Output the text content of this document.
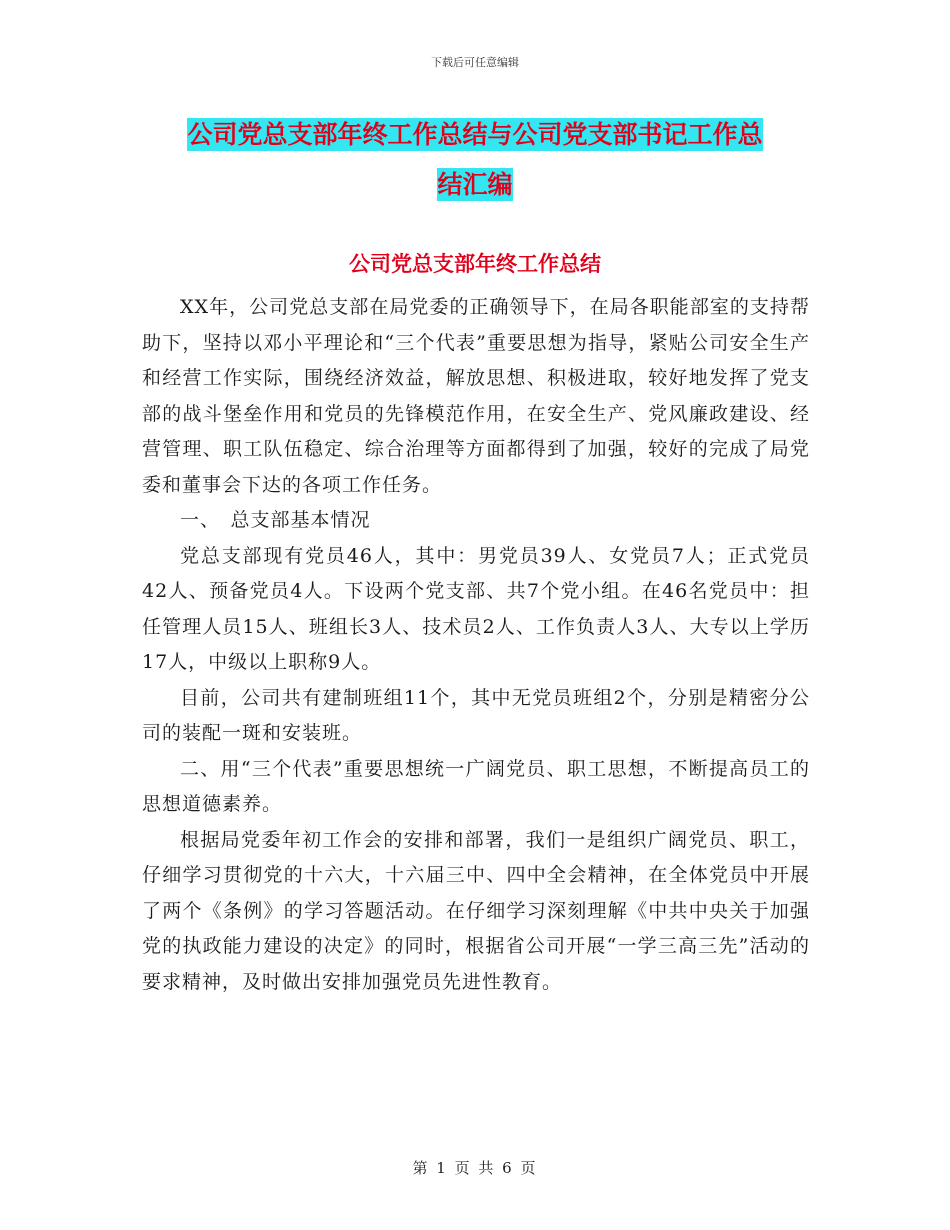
下载后可任意编辑
公司党总支部年终工作总结与公司党支部书记工作总
结汇编
公司党总支部年终工作总结

XX年，公司党总支部在局党委的正确领导下，在局各职能部室的支持帮助下，坚持以邓小平理论和“三个代表”重要思想为指导，紧贴公司安全生产和经营工作实际，围绕经济效益，解放思想、积极进取，较好地发挥了党支部的战斗堡垒作用和党员的先锋模范作用，在安全生产、党风廉政建设、经营管理、职工队伍稳定、综合治理等方面都得到了加强，较好的完成了局党委和董事会下达的各项工作任务。

一、　总支部基本情况

党总支部现有党员46人，其中：男党员39人、女党员7人；正式党员42人、预备党员4人。下设两个党支部、共7个党小组。在46名党员中：担任管理人员15人、班组长3人、技术员2人、工作负责人3人、大专以上学历17人，中级以上职称9人。

目前，公司共有建制班组11个，其中无党员班组2个，分别是精密分公司的装配一斑和安装班。

二、用“三个代表”重要思想统一广阔党员、职工思想，不断提高员工的思想道德素养。

根据局党委年初工作会的安排和部署，我们一是组织广阔党员、职工，仔细学习贯彻党的十六大，十六届三中、四中全会精神，在全体党员中开展了两个《条例》的学习答题活动。在仔细学习深刻理解《中共中央关于加强党的执政能力建设的决定》的同时，根据省公司开展“一学三高三先”活动的要求精神，及时做出安排加强党员先进性教育。

第 1 页 共 6 页
